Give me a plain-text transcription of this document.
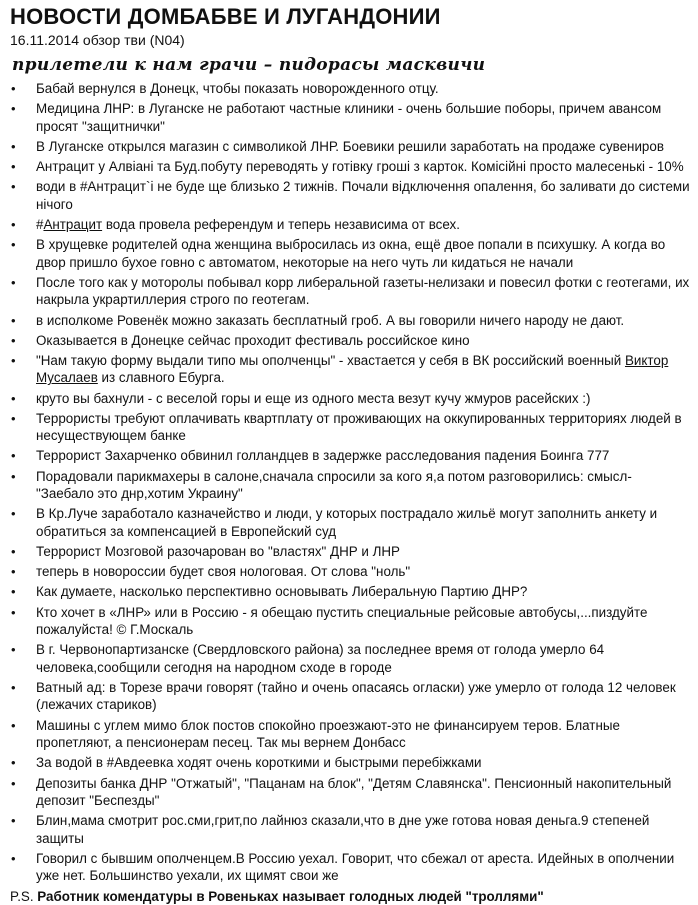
НОВОСТИ ДОМБАБВЕ И ЛУГАНДОНИИ
16.11.2014 обзор тви (N04)
прилетели к нам грачи – пидорасы масквичи
• Бабай вернулся в Донецк, чтобы показать новорожденного отцу.
• Медицина ЛНР: в Луганске не работают частные клиники - очень большие поборы, причем авансом просят "защитнички"
• В Луганске открылся магазин с символикой ЛНР. Боевики решили заработать на продаже сувениров
• Антрацит у Алвіані та Буд.побуту переводять у готівку гроші з карток. Комісійні просто малесенькі - 10%
• води в #Антрацит`і не буде ще близько 2 тижнів. Почали відключення опалення, бо заливати до системи нічого
• #Антрацит вода провела референдум и теперь независима от всех.
• В хрущевке родителей одна женщина выбросилась из окна, ещё двое попали в психушку. А когда во двор пришло бухое говно с автоматом, некоторые на него чуть ли кидаться не начали
• После того как у моторолы побывал корр либеральной газеты-нелизаки и повесил фотки с геотегами, их накрыла украртиллерия строго по геотегам.
• в исполкоме Ровенёк можно заказать бесплатный гроб. А вы говорили ничего народу не дают.
• Оказывается в Донецке сейчас проходит фестиваль российское кино
• "Нам такую форму выдали типо мы ополченцы" - хвастается у себя в ВК российский военный Виктор Мусалаев из славного Ебурга.
• круто вы бахнули - с веселой горы и еще из одного места везут кучу жмуров расейских :)
• Террористы требуют оплачивать квартплату от проживающих на оккупированных территориях людей в несуществующем банке
• Террорист Захарченко обвинил голландцев в задержке расследования падения Боинга 777
• Порадовали парикмахеры в салоне,сначала спросили за кого я,а потом разговорились: смысл- "Заебало это днр,хотим Украину"
• В Кр.Луче заработало казначейство и люди, у которых пострадало жильё могут заполнить анкету и обратиться за компенсацией в Европейский суд
• Террорист Мозговой разочарован во "властях" ДНР и ЛНР
• теперь в новороссии будет своя нологовая. От слова "ноль"
• Как думаете, насколько перспективно основывать Либеральную Партию ДНР?
• Кто хочет в «ЛНР» или в Россию - я обещаю пустить специальные рейсовые автобусы,...пиздуйте пожалуйста! © Г.Москаль
• В г. Червонопартизанске (Свердловского района) за последнее время от голода умерло 64 человека,сообщили сегодня на народном сходе в городе
• Ватный ад: в Торезе врачи говорят (тайно и очень опасаясь огласки) уже умерло от голода 12 человек (лежачих стариков)
• Машины с углем мимо блок постов спокойно проезжают-это не финансируем теров. Блатные пропетляют, а пенсионерам песец. Так мы вернем Донбасс
• За водой в #Авдеевка ходят очень короткими и быстрыми перебіжками
• Депозиты банка ДНР "Отжатый", "Пацанам на блок", "Детям Славянска". Пенсионный накопительный депозит "Беспезды"
• Блин,мама смотрит рос.сми,грит,по лайнюз сказали,что в дне уже готова новая деньга.9 степеней защиты
• Говорил с бывшим ополченцем.В Россию уехал. Говорит, что сбежал от ареста. Идейных в ополчении уже нет. Большинство уехали, их щимят свои же
P.S. Работник комендатуры в Ровеньках называет голодных людей "троллями"
